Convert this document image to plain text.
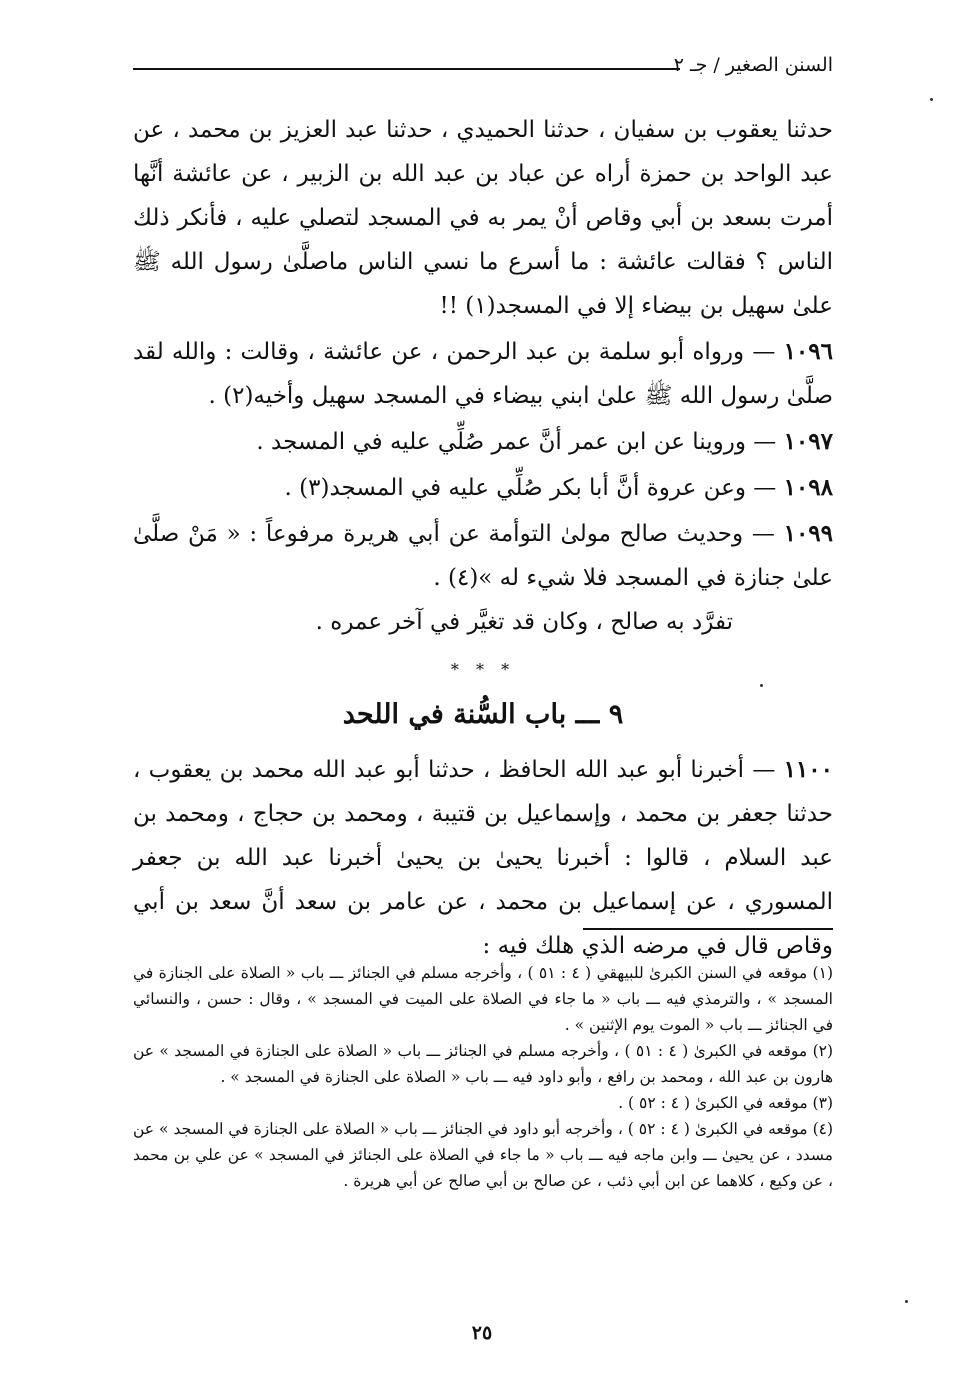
السنن الصغير / جـ ٢

حدثنا يعقوب بن سفيان ، حدثنا الحميدي ، حدثنا عبد العزيز بن محمد ، عن عبد الواحد بن حمزة أراه عن عباد بن عبد الله بن الزبير ، عن عائشة أنَّها أمرت بسعد بن أبي وقاص أنْ يمر به في المسجد لتصلي عليه ، فأنكر ذلك الناس ؟ فقالت عائشة : ما أسرع ما نسي الناس ماصلَّىٰ رسول الله ﷺ علىٰ سهيل بن بيضاء إلا في المسجد(١) !!

١٠٩٦ — ورواه أبو سلمة بن عبد الرحمن ، عن عائشة ، وقالت : والله لقد صلَّىٰ رسول الله ﷺ علىٰ ابني بيضاء في المسجد سهيل وأخيه(٢) .

١٠٩٧ — وروينا عن ابن عمر أنَّ عمر صُلِّي عليه في المسجد .

١٠٩٨ — وعن عروة أنَّ أبا بكر صُلِّي عليه في المسجد(٣) .

١٠٩٩ — وحديث صالح مولىٰ التوأمة عن أبي هريرة مرفوعاً : « مَنْ صلَّىٰ علىٰ جنازة في المسجد فلا شيء له »(٤) .

تفرَّد به صالح ، وكان قد تغيَّر في آخر عمره .

* * *

٩ ـــ باب السُّنة في اللحد

١١٠٠ — أخبرنا أبو عبد الله الحافظ ، حدثنا أبو عبد الله محمد بن يعقوب ، حدثنا جعفر بن محمد ، وإسماعيل بن قتيبة ، ومحمد بن حجاج ، ومحمد بن عبد السلام ، قالوا : أخبرنا يحيىٰ بن يحيىٰ أخبرنا عبد الله بن جعفر المسوري ، عن إسماعيل بن محمد ، عن عامر بن سعد أنَّ سعد بن أبي وقاص قال في مرضه الذي هلك فيه :

(١) موقعه في السنن الكبرىٰ للبيهقي ( ٤ : ٥١ ) ، وأخرجه مسلم في الجنائز ـــ باب « الصلاة على الجنازة في المسجد » ، والترمذي فيه ـــ باب « ما جاء في الصلاة على الميت في المسجد » ، وقال : حسن ، والنسائي في الجنائز ـــ باب « الموت يوم الإثنين » .

(٢) موقعه في الكبرىٰ ( ٤ : ٥١ ) ، وأخرجه مسلم في الجنائز ـــ باب « الصلاة على الجنازة في المسجد » عن هارون بن عبد الله ، ومحمد بن رافع ، وأبو داود فيه ـــ باب « الصلاة على الجنازة في المسجد » .

(٣) موقعه في الكبرىٰ ( ٤ : ٥٢ ) .

(٤) موقعه في الكبرىٰ ( ٤ : ٥٢ ) ، وأخرجه أبو داود في الجنائز ـــ باب « الصلاة على الجنازة في المسجد » عن مسدد ، عن يحيىٰ ـــ وابن ماجه فيه ـــ باب « ما جاء في الصلاة على الجنائز في المسجد » عن علي بن محمد ، عن وكيع ، كلاهما عن ابن أبي ذئب ، عن صالح بن أبي صالح عن أبي هريرة .

٢٥
